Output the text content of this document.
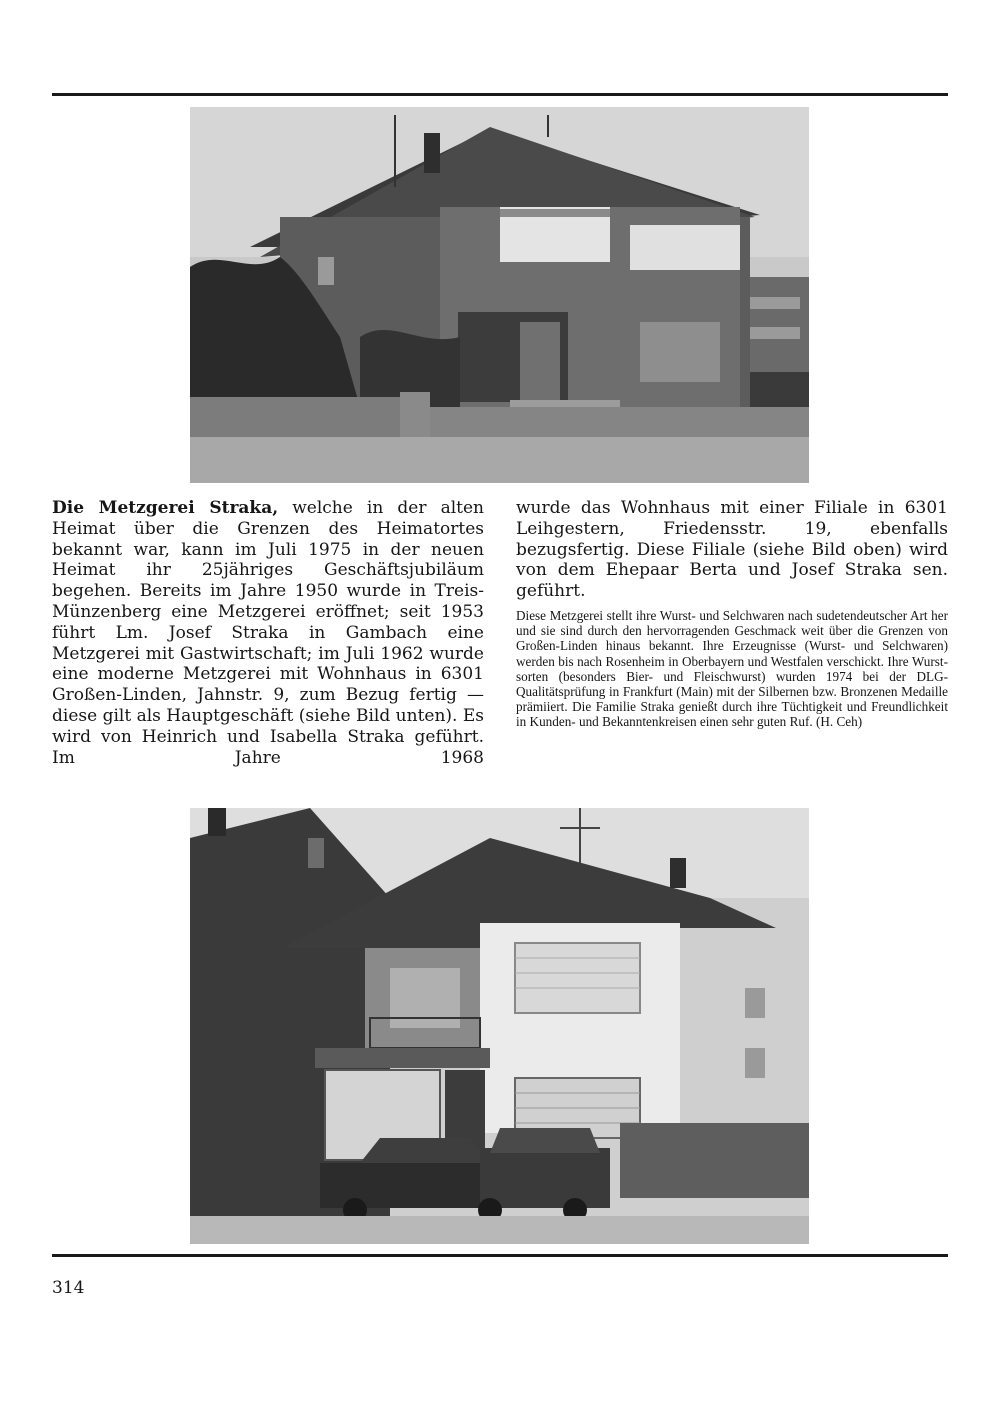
Die Metzgerei Straka, welche in der alten Heimat über die Grenzen des Heimatortes bekannt war, kann im Juli 1975 in der neuen Heimat ihr 25jähriges Geschäftsjubiläum begehen. Bereits im Jahre 1950 wurde in Treis-Münzenberg eine Metzgerei eröffnet; seit 1953 führt Lm. Josef Straka in Gambach eine Metzgerei mit Gastwirtschaft; im Juli 1962 wurde eine moderne Metzgerei mit Wohnhaus in 6301 Großen-Linden, Jahnstr. 9, zum Bezug fertig — diese gilt als Hauptgeschäft (siehe Bild unten). Es wird von Heinrich und Isabella Straka geführt. Im Jahre 1968

wurde das Wohnhaus mit einer Filiale in 6301 Leihgestern, Friedensstr. 19, ebenfalls bezugsfertig. Diese Filiale (siehe Bild oben) wird von dem Ehepaar Berta und Josef Straka sen. geführt.

Diese Metzgerei stellt ihre Wurst- und Selchwaren nach sudetendeutscher Art her und sie sind durch den hervorragenden Geschmack weit über die Grenzen von Großen-Linden hinaus bekannt. Ihre Erzeugnisse (Wurst- und Selchwaren) werden bis nach Rosenheim in Oberbayern und Westfalen verschickt. Ihre Wurstsorten (besonders Bier- und Fleischwurst) wurden 1974 bei der DLG-Qualitätsprüfung in Frankfurt (Main) mit der Silbernen bzw. Bronzenen Medaille prämiiert. Die Familie Straka genießt durch ihre Tüchtigkeit und Freundlichkeit in Kunden- und Bekanntenkreisen einen sehr guten Ruf. (H. Ceh)

314
